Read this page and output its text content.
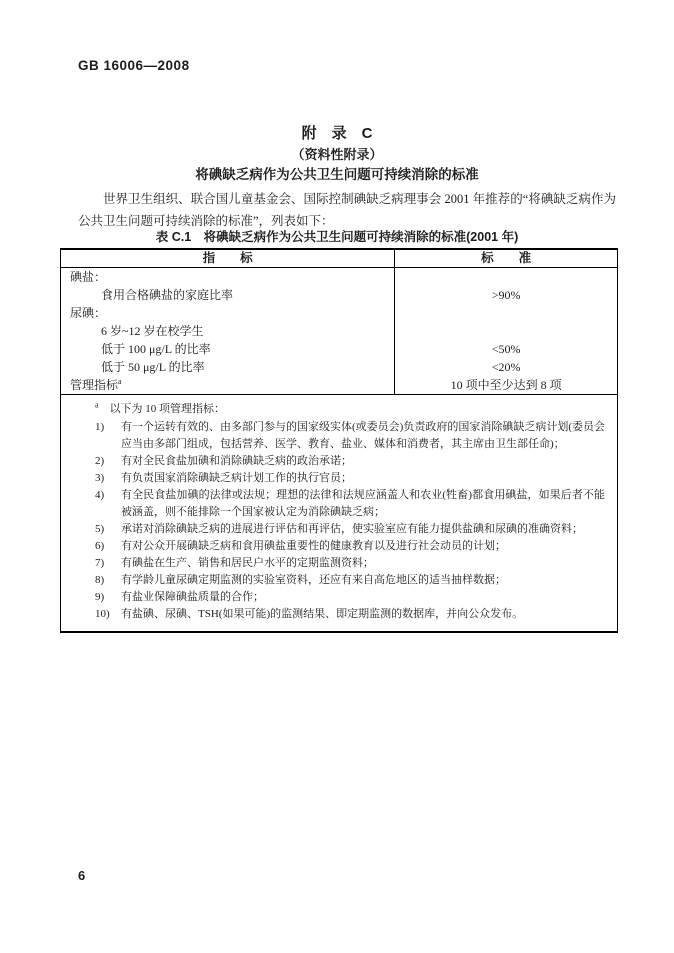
GB 16006—2008
附　录　C
（资料性附录）
将碘缺乏病作为公共卫生问题可持续消除的标准

世界卫生组织、联合国儿童基金会、国际控制碘缺乏病理事会 2001 年推荐的“将碘缺乏病作为公共卫生问题可持续消除的标准”，列表如下：

表 C.1　将碘缺乏病作为公共卫生问题可持续消除的标准(2001 年)
指　　标	标　　准
碘盐：	
食用合格碘盐的家庭比率	>90%
尿碘：	
6 岁~12 岁在校学生	
低于 100 μg/L 的比率	<50%
低于 50 μg/L 的比率	<20%
管理指标$^a$	10 项中至少达到 8 项

$^a$　 以下为 10 项管理指标：
1)	有一个运转有效的、由多部门参与的国家级实体(或委员会)负责政府的国家消除碘缺乏病计划(委员会应当由多部门组成，包括营养、医学、教育、盐业、媒体和消费者，其主席由卫生部任命)；
2)	有对全民食盐加碘和消除碘缺乏病的政治承诺；
3)	有负责国家消除碘缺乏病计划工作的执行官员；
4)	有全民食盐加碘的法律或法规；理想的法律和法规应涵盖人和农业(牲畜)都食用碘盐，如果后者不能被涵盖，则不能排除一个国家被认定为消除碘缺乏病；
5)	承诺对消除碘缺乏病的进展进行评估和再评估，使实验室应有能力提供盐碘和尿碘的准确资料；
6)	有对公众开展碘缺乏病和食用碘盐重要性的健康教育以及进行社会动员的计划；
7)	有碘盐在生产、销售和居民户水平的定期监测资料；
8)	有学龄儿童尿碘定期监测的实验室资料，还应有来自高危地区的适当抽样数据；
9)	有盐业保障碘盐质量的合作；
10)	有盐碘、尿碘、TSH(如果可能)的监测结果、即定期监测的数据库，并向公众发布。
6
